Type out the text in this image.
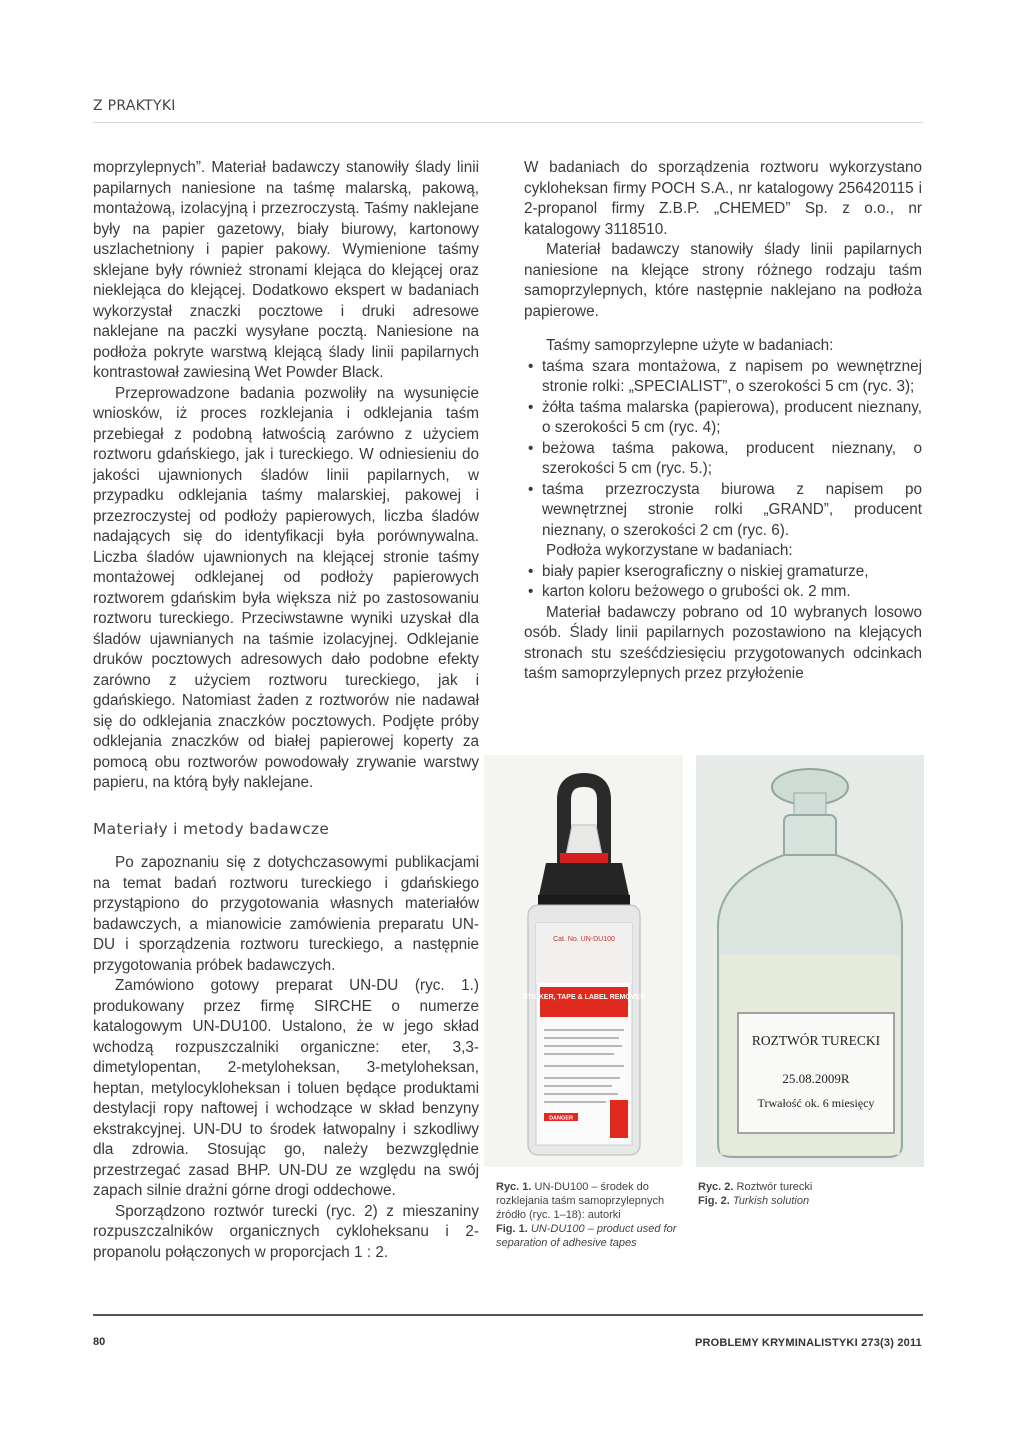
Z PRAKTYKI

moprzylepnych”. Materiał badawczy stanowiły ślady linii papilarnych naniesione na taśmę malarską, pakową, montażową, izolacyjną i przezroczystą. Taśmy naklejane były na papier gazetowy, biały biurowy, kartonowy uszlachetniony i papier pakowy. Wymienione taśmy sklejane były również stronami klejąca do klejącej oraz nieklejąca do klejącej. Dodatkowo ekspert w badaniach wykorzystał znaczki pocztowe i druki adresowe naklejane na paczki wysyłane pocztą. Naniesione na podłoża pokryte warstwą klejącą ślady linii papilarnych kontrastował zawiesiną Wet Powder Black.

Przeprowadzone badania pozwoliły na wysunięcie wniosków, iż proces rozklejania i odklejania taśm przebiegał z podobną łatwością zarówno z użyciem roztworu gdańskiego, jak i tureckiego. W odniesieniu do jakości ujawnionych śladów linii papilarnych, w przypadku odklejania taśmy malarskiej, pakowej i przezroczystej od podłoży papierowych, liczba śladów nadających się do identyfikacji była porównywalna. Liczba śladów ujawnionych na klejącej stronie taśmy montażowej odklejanej od podłoży papierowych roztworem gdańskim była większa niż po zastosowaniu roztworu tureckiego. Przeciwstawne wyniki uzyskał dla śladów ujawnianych na taśmie izolacyjnej. Odklejanie druków pocztowych adresowych dało podobne efekty zarówno z użyciem roztworu tureckiego, jak i gdańskiego. Natomiast żaden z roztworów nie nadawał się do odklejania znaczków pocztowych. Podjęte próby odklejania znaczków od białej papierowej koperty za pomocą obu roztworów powodowały zrywanie warstwy papieru, na którą były naklejane.

Materiały i metody badawcze

Po zapoznaniu się z dotychczasowymi publikacjami na temat badań roztworu tureckiego i gdańskiego przystąpiono do przygotowania własnych materiałów badawczych, a mianowicie zamówienia preparatu UN-DU i sporządzenia roztworu tureckiego, a następnie przygotowania próbek badawczych.

Zamówiono gotowy preparat UN-DU (ryc. 1.) produkowany przez firmę SIRCHE o numerze katalogowym UN-DU100. Ustalono, że w jego skład wchodzą rozpuszczalniki organiczne: eter, 3,3-dimetylopentan, 2-metyloheksan, 3-metyloheksan, heptan, metylocykloheksan i toluen będące produktami destylacji ropy naftowej i wchodzące w skład benzyny ekstrakcyjnej. UN-DU to środek łatwopalny i szkodliwy dla zdrowia. Stosując go, należy bezwzględnie przestrzegać zasad BHP. UN-DU ze względu na swój zapach silnie drażni górne drogi oddechowe.

Sporządzono roztwór turecki (ryc. 2) z mieszaniny rozpuszczalników organicznych cykloheksanu i 2-propanolu połączonych w proporcjach 1 : 2.

W badaniach do sporządzenia roztworu wykorzystano cykloheksan firmy POCH S.A., nr katalogowy 256420115 i 2-propanol firmy Z.B.P. „CHEMED” Sp. z o.o., nr katalogowy 3118510.

Materiał badawczy stanowiły ślady linii papilarnych naniesione na klejące strony różnego rodzaju taśm samoprzylepnych, które następnie naklejano na podłoża papierowe.

Taśmy samoprzylepne użyte w badaniach:

• taśma szara montażowa, z napisem po wewnętrznej stronie rolki: „SPECIALIST”, o szerokości 5 cm (ryc. 3);
• żółta taśma malarska (papierowa), producent nieznany, o szerokości 5 cm (ryc. 4);
• beżowa taśma pakowa, producent nieznany, o szerokości 5 cm (ryc. 5.);
• taśma przezroczysta biurowa z napisem po wewnętrznej stronie rolki „GRAND”, producent nieznany, o szerokości 2 cm (ryc. 6).

Podłoża wykorzystane w badaniach:

• biały papier kserograficzny o niskiej gramaturze,
• karton koloru beżowego o grubości ok. 2 mm.

Materiał badawczy pobrano od 10 wybranych losowo osób. Ślady linii papilarnych pozostawiono na klejących stronach stu sześćdziesięciu przygotowanych odcinkach taśm samoprzylepnych przez przyłożenie

Cat. No. UN-DU100
STICKER, TAPE & LABEL REMOVER
DANGER
ROZTWÓR TURECKI
25.08.2009R
Trwałość ok. 6 miesięcy
Ryc. 1. UN-DU100 – środek do rozklejania taśm samoprzylepnych
źródło (ryc. 1–18): autorki
Fig. 1. UN-DU100 – product used for separation of adhesive tapes
Ryc. 2. Roztwór turecki
Fig. 2. Turkish solution
80	PROBLEMY KRYMINALISTYKI 273(3) 2011
